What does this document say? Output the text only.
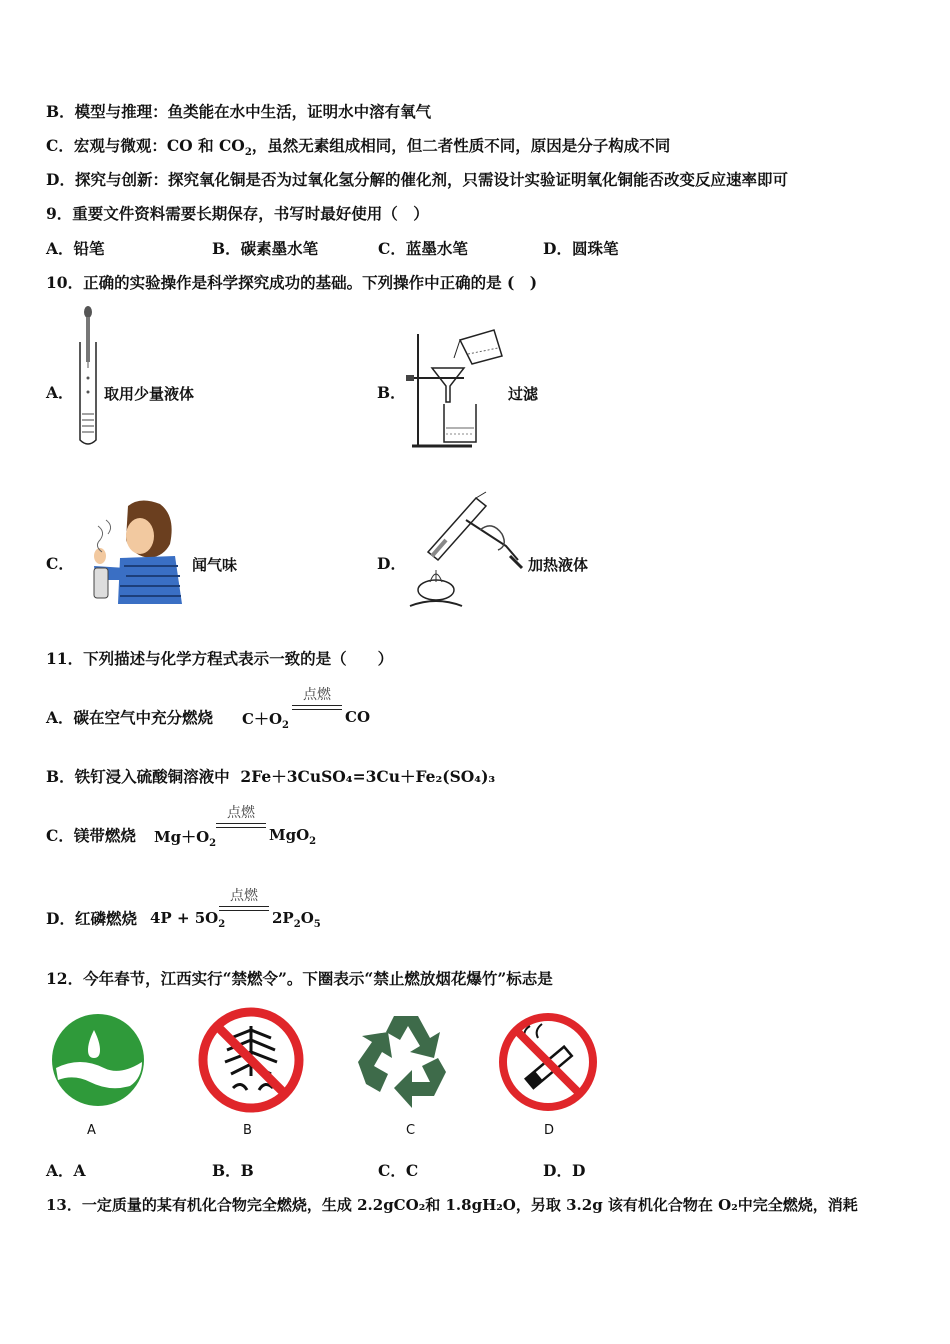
B．模型与推理：鱼类能在水中生活，证明水中溶有氧气
C．宏观与微观：CO 和 $CO_2$，虽然无素组成相同，但二者性质不同，原因是分子构成不同
D．探究与创新：探究氧化铜是否为过氧化氢分解的催化剂，只需设计实验证明氧化铜能否改变反应速率即可
9．重要文件资料需要长期保存，书写时最好使用（　）
A．铅笔	B．碳素墨水笔	C．蓝墨水笔	D．圆珠笔
10．正确的实验操作是科学探究成功的基础。下列操作中正确的是 (　)
A． 取用少量液体	B．	过滤
C．	闻气味	D．	加热液体
11．下列描述与化学方程式表示一致的是（　　）
A．碳在空气中充分燃烧 $C+O_2$
点燃
CO
B．铁钉浸入硫酸铜溶液中 2Fe＋3CuSO₄=3Cu＋Fe₂(SO₄)₃
C．镁带燃烧 $Mg+O_2$
点燃
MgO$_2$
D．红磷燃烧 $4P + 5O_2$
点燃
$2P_2O_5$
12．今年春节，江西实行“禁燃令”。下圈表示“禁止燃放烟花爆竹”标志是
A	B	C	D
A．A	B．B	C．C	D．D
13．一定质量的某有机化合物完全燃烧，生成 2.2gCO₂和 1.8gH₂O，另取 3.2g 该有机化合物在 O₂中完全燃烧，消耗
